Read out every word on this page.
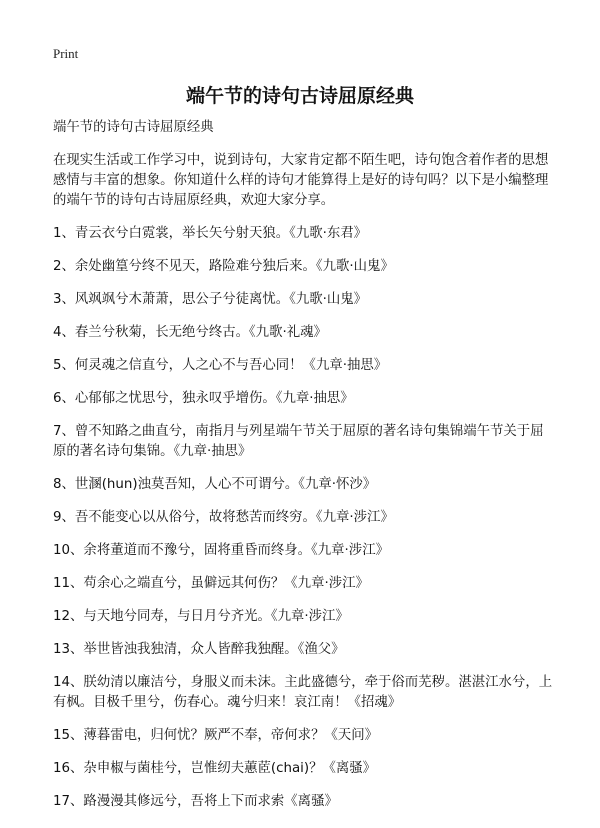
Print
端午节的诗句古诗屈原经典

端午节的诗句古诗屈原经典

在现实生活或工作学习中，说到诗句，大家肯定都不陌生吧，诗句饱含着作者的思想感情与丰富的想象。你知道什么样的诗句才能算得上是好的诗句吗？以下是小编整理的端午节的诗句古诗屈原经典，欢迎大家分享。

1、青云衣兮白霓裳，举长矢兮射天狼。《九歌·东君》
2、余处幽篁兮终不见天，路险难兮独后来。《九歌·山鬼》
3、风飒飒兮木萧萧，思公子兮徒离忧。《九歌·山鬼》
4、春兰兮秋菊，长无绝兮终古。《九歌·礼魂》
5、何灵魂之信直兮，人之心不与吾心同！《九章·抽思》
6、心郁郁之忧思兮，独永叹乎增伤。《九章·抽思》
7、曾不知路之曲直兮，南指月与列星端午节关于屈原的著名诗句集锦端午节关于屈原的著名诗句集锦。《九章·抽思》
8、世溷(hun)浊莫吾知，人心不可谓兮。《九章·怀沙》
9、吾不能变心以从俗兮，故将愁苦而终穷。《九章·涉江》
10、余将董道而不豫兮，固将重昏而终身。《九章·涉江》
11、苟余心之端直兮，虽僻远其何伤？《九章·涉江》
12、与天地兮同寿，与日月兮齐光。《九章·涉江》
13、举世皆浊我独清，众人皆醉我独醒。《渔父》
14、朕幼清以廉洁兮，身服义而未沫。主此盛德兮，牵于俗而芜秽。湛湛江水兮，上有枫。目极千里兮，伤春心。魂兮归来！哀江南！《招魂》
15、薄暮雷电，归何忧？厥严不奉，帝何求？《天问》
16、杂申椒与菌桂兮，岂惟纫夫蕙茝(chai)？《离骚》
17、路漫漫其修远兮，吾将上下而求索《离骚》
